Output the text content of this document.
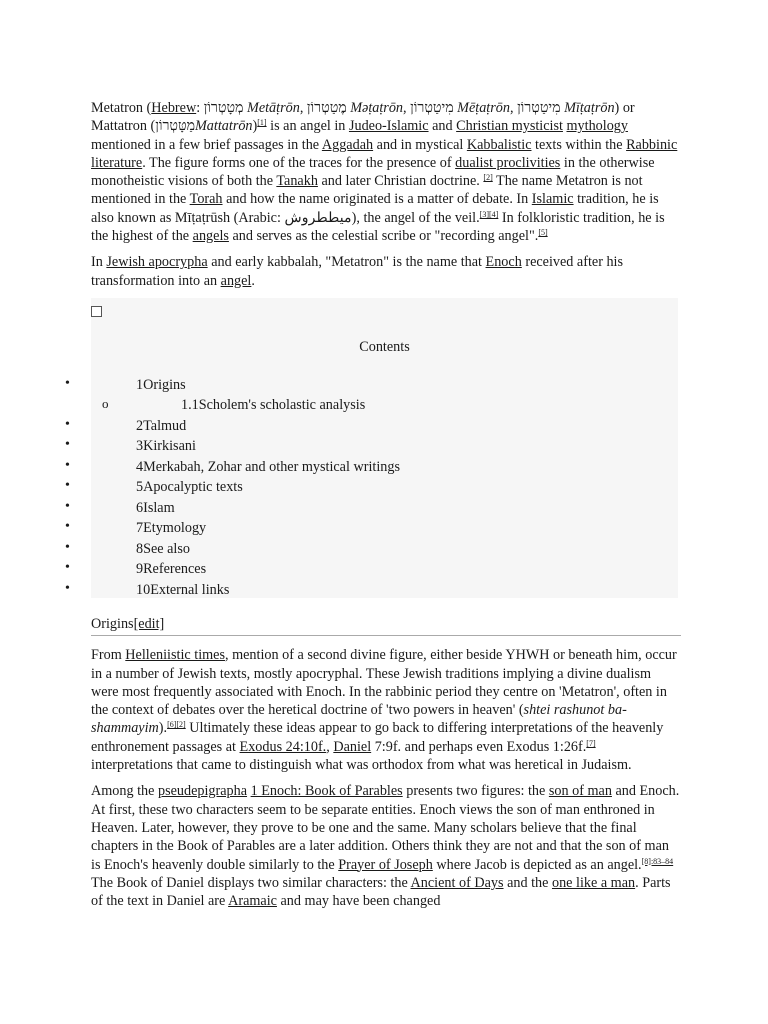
Metatron (Hebrew: מְטָטְרוֹן Metāṭrōn, מֶטַטְרוֹן Məṭaṭrōn, מִיטַטְרוֹן Mēṭaṭrōn, מִיטַטְרוֹן Mīṭaṭrōn) or Mattatron (מַטָּטְרוֹןMattatrōn)[1] is an angel in Judeo-Islamic and Christian mysticist mythology mentioned in a few brief passages in the Aggadah and in mystical Kabbalistic texts within the Rabbinic literature. The figure forms one of the traces for the presence of dualist proclivities in the otherwise monotheistic visions of both the Tanakh and later Christian doctrine. [2] The name Metatron is not mentioned in the Torah and how the name originated is a matter of debate. In Islamic tradition, he is also known as Mīṭaṭrūsh (Arabic: ميططروش), the angel of the veil.[3][4] In folkloristic tradition, he is the highest of the angels and serves as the celestial scribe or "recording angel".[5]

In Jewish apocrypha and early kabbalah, "Metatron" is the name that Enoch received after his transformation into an angel.

Contents
•	1Origins
o	1.1Scholem's scholastic analysis
•	2Talmud
•	3Kirkisani
•	4Merkabah, Zohar and other mystical writings
•	5Apocalyptic texts
•	6Islam
•	7Etymology
•	8See also
•	9References
•	10External links
Origins[edit]

From Helleniistic times, mention of a second divine figure, either beside YHWH or beneath him, occur in a number of Jewish texts, mostly apocryphal. These Jewish traditions implying a divine dualism were most frequently associated with Enoch. In the rabbinic period they centre on 'Metatron', often in the context of debates over the heretical doctrine of 'two powers in heaven' (shtei rashunot ba-shammayim).[6][2] Ultimately these ideas appear to go back to differing interpretations of the heavenly enthronement passages at Exodus 24:10f., Daniel 7:9f. and perhaps even Exodus 1:26f.[7] interpretations that came to distinguish what was orthodox from what was heretical in Judaism.

Among the pseudepigrapha 1 Enoch: Book of Parables presents two figures: the son of man and Enoch. At first, these two characters seem to be separate entities. Enoch views the son of man enthroned in Heaven. Later, however, they prove to be one and the same. Many scholars believe that the final chapters in the Book of Parables are a later addition. Others think they are not and that the son of man is Enoch's heavenly double similarly to the Prayer of Joseph where Jacob is depicted as an angel.$^{[8]:83-84}$ The Book of Daniel displays two similar characters: the Ancient of Days and the one like a man. Parts of the text in Daniel are Aramaic and may have been changed
